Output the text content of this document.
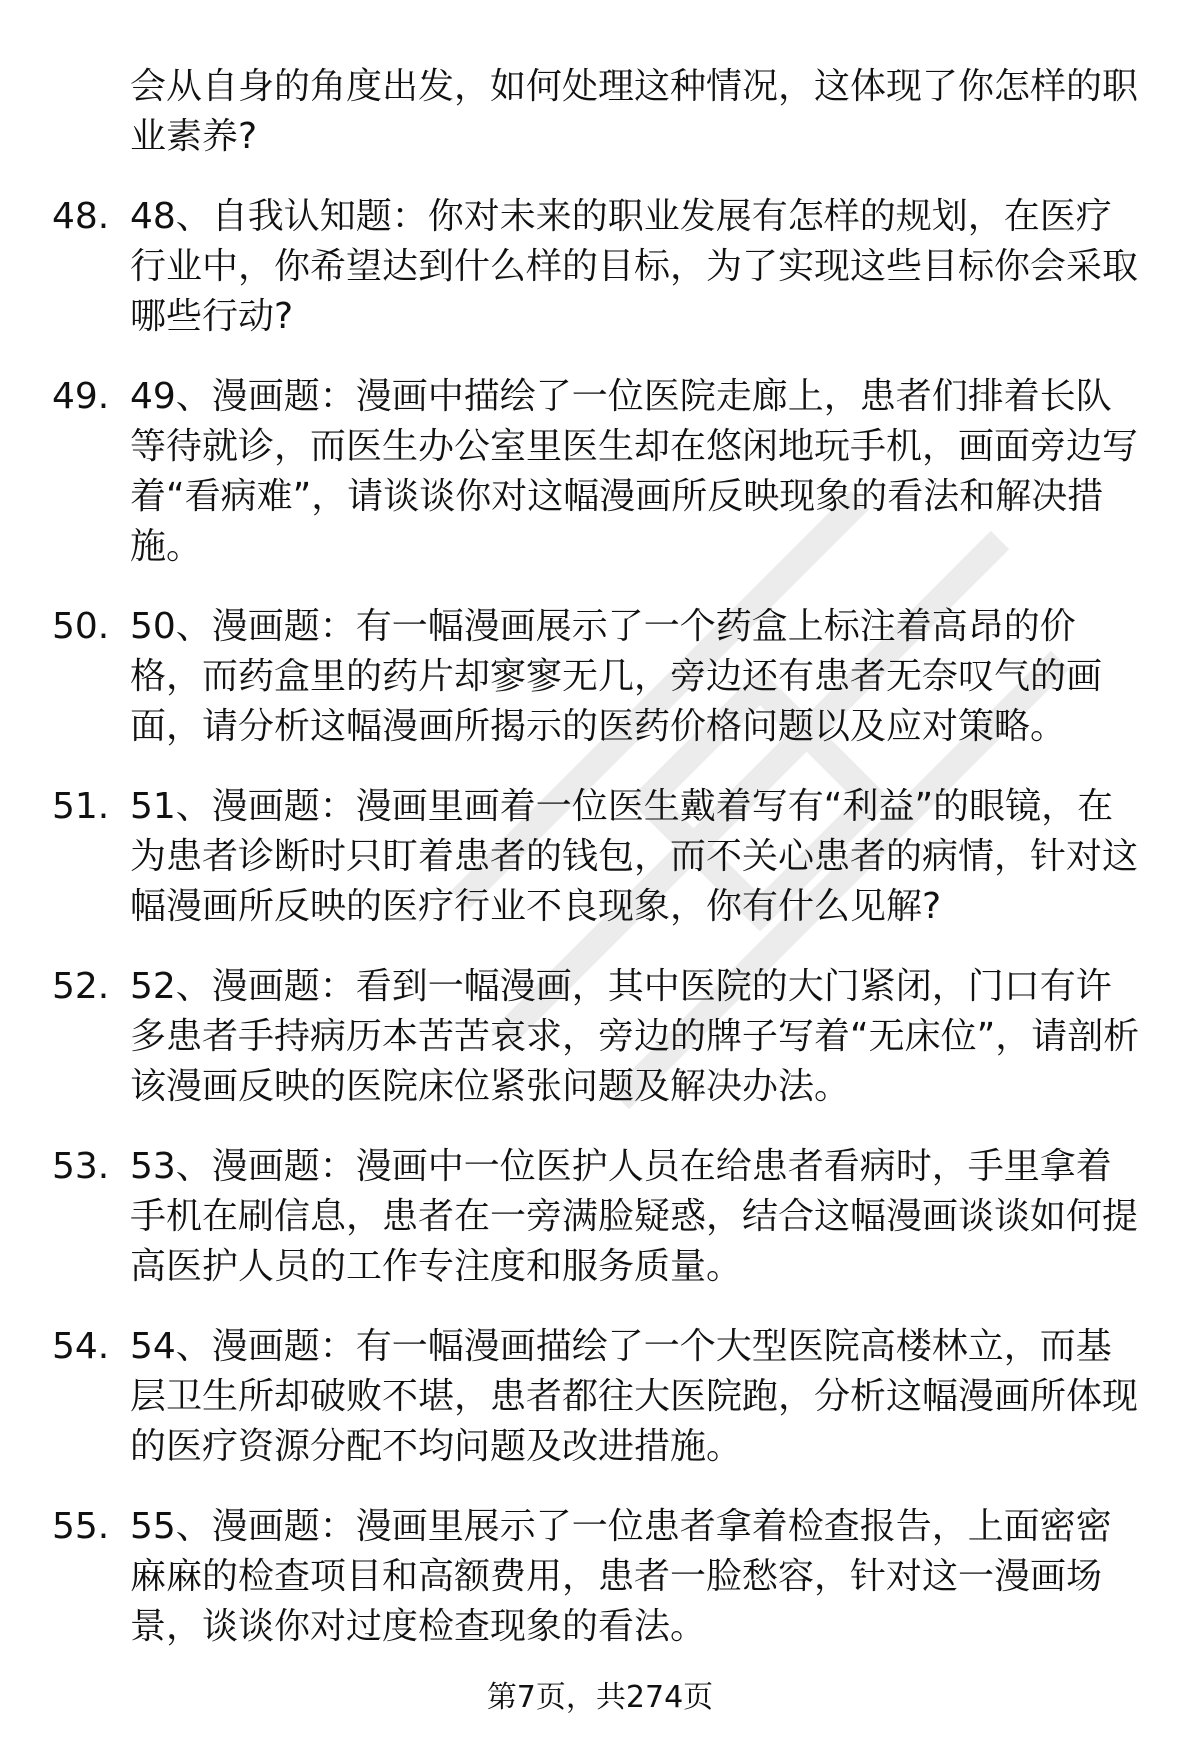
会从自身的角度出发，如何处理这种情况，这体现了你怎样的职业素养?
48. 48、自我认知题：你对未来的职业发展有怎样的规划，在医疗行业中，你希望达到什么样的目标，为了实现这些目标你会采取哪些行动?
49. 49、漫画题：漫画中描绘了一位医院走廊上，患者们排着长队等待就诊，而医生办公室里医生却在悠闲地玩手机，画面旁边写着“看病难”，请谈谈你对这幅漫画所反映现象的看法和解决措施。
50. 50、漫画题：有一幅漫画展示了一个药盒上标注着高昂的价格，而药盒里的药片却寥寥无几，旁边还有患者无奈叹气的画面，请分析这幅漫画所揭示的医药价格问题以及应对策略。
51. 51、漫画题：漫画里画着一位医生戴着写有“利益”的眼镜，在为患者诊断时只盯着患者的钱包，而不关心患者的病情，针对这幅漫画所反映的医疗行业不良现象，你有什么见解?
52. 52、漫画题：看到一幅漫画，其中医院的大门紧闭，门口有许多患者手持病历本苦苦哀求，旁边的牌子写着“无床位”，请剖析该漫画反映的医院床位紧张问题及解决办法。
53. 53、漫画题：漫画中一位医护人员在给患者看病时，手里拿着手机在刷信息，患者在一旁满脸疑惑，结合这幅漫画谈谈如何提高医护人员的工作专注度和服务质量。
54. 54、漫画题：有一幅漫画描绘了一个大型医院高楼林立，而基层卫生所却破败不堪，患者都往大医院跑，分析这幅漫画所体现的医疗资源分配不均问题及改进措施。
55. 55、漫画题：漫画里展示了一位患者拿着检查报告，上面密密麻麻的检查项目和高额费用，患者一脸愁容，针对这一漫画场景，谈谈你对过度检查现象的看法。
第7页，共274页
